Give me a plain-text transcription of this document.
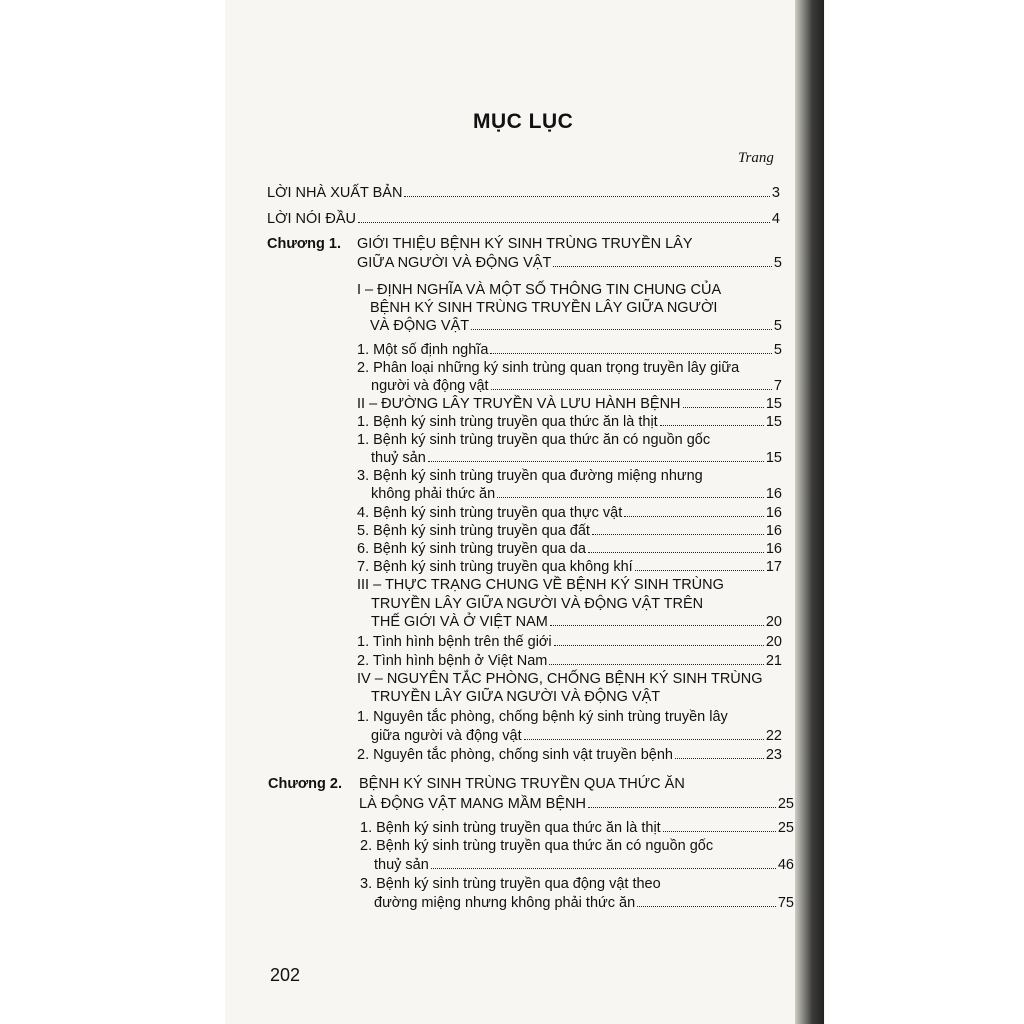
MỤC LỤC
Trang
LỜI NHÀ XUẤT BẢN	3
LỜI NÓI ĐẦU	4
Chương 1. GIỚI THIỆU BỆNH KÝ SINH TRÙNG TRUYỀN LÂY
GIỮA NGƯỜI VÀ ĐỘNG VẬT	5
I – ĐỊNH NGHĨA VÀ MỘT SỐ THÔNG TIN CHUNG CỦA
BỆNH KÝ SINH TRÙNG TRUYỀN LÂY GIỮA NGƯỜI
VÀ ĐỘNG VẬT	5
1. Một số định nghĩa	5
2. Phân loại những ký sinh trùng quan trọng truyền lây giữa
người và động vật	7
II – ĐƯỜNG LÂY TRUYỀN VÀ LƯU HÀNH BỆNH	15
1. Bệnh ký sinh trùng truyền qua thức ăn là thịt	15
1. Bệnh ký sinh trùng truyền qua thức ăn có nguồn gốc
thuỷ sản	15
3. Bệnh ký sinh trùng truyền qua đường miệng nhưng
không phải thức ăn	16
4. Bệnh ký sinh trùng truyền qua thực vật	16
5. Bệnh ký sinh trùng truyền qua đất	16
6. Bệnh ký sinh trùng truyền qua da	16
7. Bệnh ký sinh trùng truyền qua không khí	17
III – THỰC TRẠNG CHUNG VỀ BỆNH KÝ SINH TRÙNG
TRUYỀN LÂY GIỮA NGƯỜI VÀ ĐỘNG VẬT TRÊN
THẾ GIỚI VÀ Ở VIỆT NAM	20
1. Tình hình bệnh trên thế giới	20
2. Tình hình bệnh ở Việt Nam	21
IV – NGUYÊN TẮC PHÒNG, CHỐNG BỆNH KÝ SINH TRÙNG
TRUYỀN LÂY GIỮA NGƯỜI VÀ ĐỘNG VẬT
1. Nguyên tắc phòng, chống bệnh ký sinh trùng truyền lây
giữa người và động vật	22
2. Nguyên tắc phòng, chống sinh vật truyền bệnh	23
Chương 2. BỆNH KÝ SINH TRÙNG TRUYỀN QUA THỨC ĂN
LÀ ĐỘNG VẬT MANG MẦM BỆNH	25
1. Bệnh ký sinh trùng truyền qua thức ăn là thịt	25
2. Bệnh ký sinh trùng truyền qua thức ăn có nguồn gốc
thuỷ sản	46
3. Bệnh ký sinh trùng truyền qua động vật theo
đường miệng nhưng không phải thức ăn	75
202
